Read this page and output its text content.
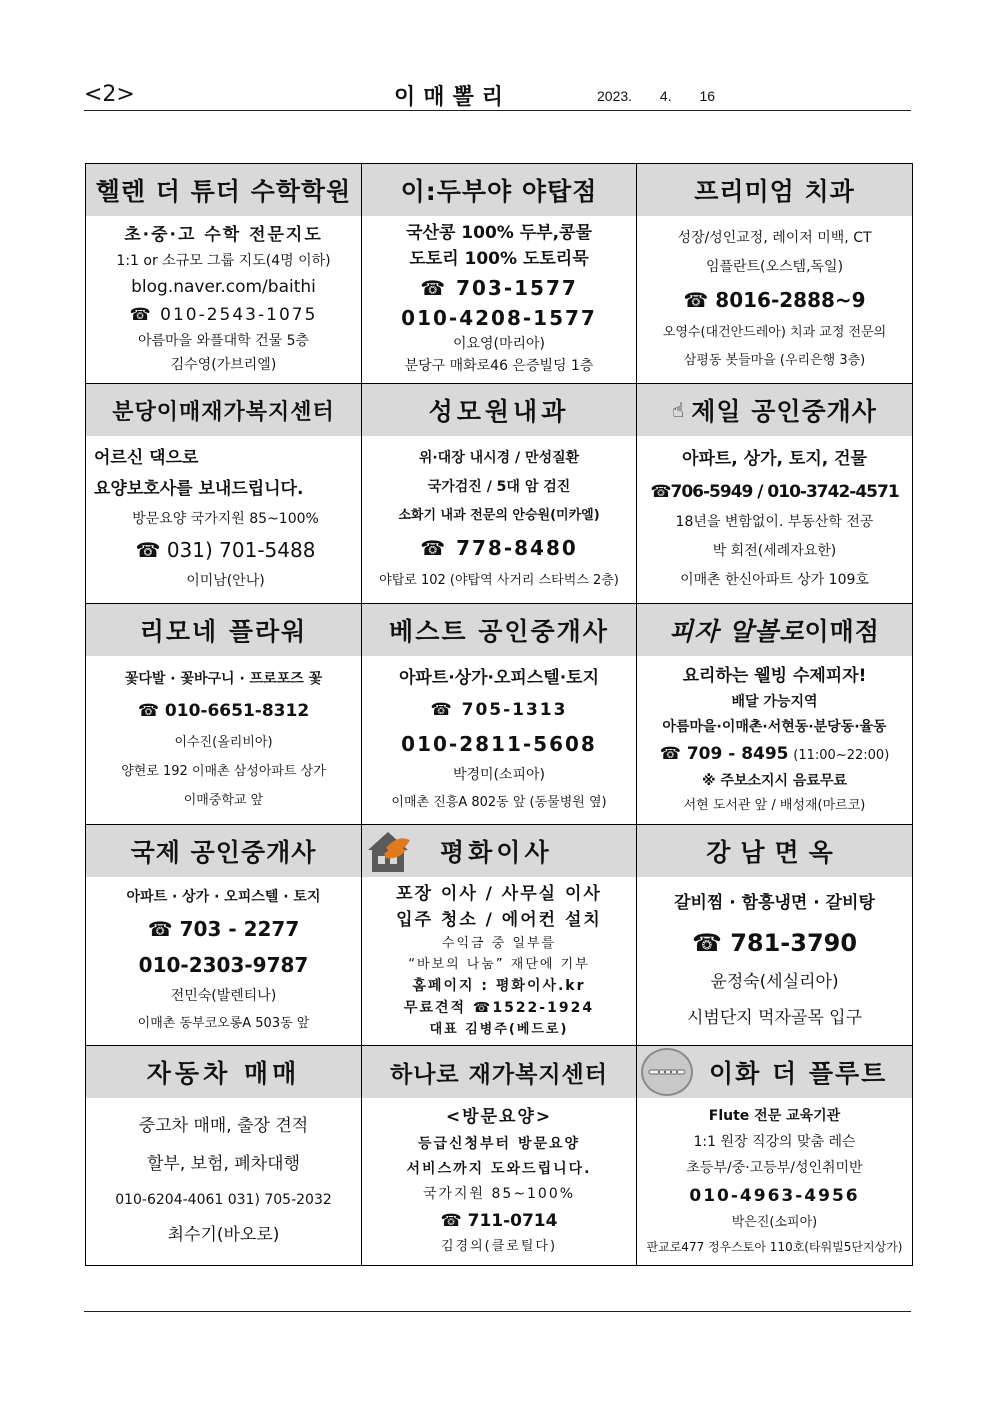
<2>	이매뽈리	2023. 4. 16
헬렌 더 튜더 수학학원
초·중·고 수학 전문지도
1:1 or 소규모 그룹 지도(4명 이하)
blog.naver.com/baithi
☎ 010-2543-1075
아름마을 와플대학 건물 5층
김수영(가브리엘)
이:두부야 야탑점
국산콩 100% 두부,콩물
도토리 100% 도토리묵
☎ 703-1577
010-4208-1577
이요영(마리아)
분당구 매화로46 은증빌딩 1층
프리미엄 치과
성장/성인교정, 레이저 미백, CT
임플란트(오스템,독일)
☎ 8016-2888~9
오영수(대건안드레아) 치과 교정 전문의
삼평동 봇들마을 (우리은행 3층)
분당이매재가복지센터
어르신 댁으로
요양보호사를 보내드립니다.
방문요양 국가지원 85~100%
☎ 031) 701-5488
이미남(안나)
성모원내과
위·대장 내시경 / 만성질환
국가검진 / 5대 암 검진
소화기 내과 전문의 안승원(미카엘)
☎ 778-8480
야탑로 102 (야탑역 사거리 스타벅스 2층)
☝ 제일 공인중개사
아파트, 상가, 토지, 건물
☎706-5949 / 010-3742-4571
18년을 변함없이. 부동산학 전공
박 회전(세례자요한)
이매촌 한신아파트 상가 109호
리모네 플라워
꽃다발 · 꽃바구니 · 프로포즈 꽃
☎ 010-6651-8312
이수진(올리비아)
양현로 192 이매촌 삼성아파트 상가
이매중학교 앞
베스트 공인중개사
아파트·상가·오피스텔·토지
☎ 705-1313
010-2811-5608
박경미(소피아)
이매촌 진흥A 802동 앞 (동물병원 옆)
피자 알볼로 이매점
요리하는 웰빙 수제피자!
배달 가능지역
아름마을·이매촌·서현동·분당동·율동
☎ 709 - 8495 (11:00~22:00)
※ 주보소지시 음료무료
서현 도서관 앞 / 배성재(마르코)
국제 공인중개사
아파트 · 상가 · 오피스텔 · 토지
☎ 703 - 2277
010-2303-9787
전민숙(발렌티나)
이매촌 동부코오롱A 503동 앞
평화이사
포장 이사 / 사무실 이사
입주 청소 / 에어컨 설치
수익금 중 일부를
“바보의 나눔” 재단에 기부
홈페이지 : 평화이사.kr
무료견적 ☎1522-1924
대표 김병주(베드로)
강남면옥
갈비찜 · 함흥냉면 · 갈비탕
☎ 781-3790
윤정숙(세실리아)
시범단지 먹자골목 입구
자동차 매매
중고차 매매, 출장 견적
할부, 보험, 폐차대행
010-6204-4061 031) 705-2032
최수기(바오로)
하나로 재가복지센터
<방문요양>
등급신청부터 방문요양
서비스까지 도와드립니다.
국가지원 85~100%
☎ 711-0714
김경의(클로틸다)
이화 더 플루트
Flute 전문 교육기관
1:1 원장 직강의 맞춤 레슨
초등부/중·고등부/성인취미반
010-4963-4956
박은진(소피아)
판교로477 정우스토아 110호(타워빌5단지상가)
